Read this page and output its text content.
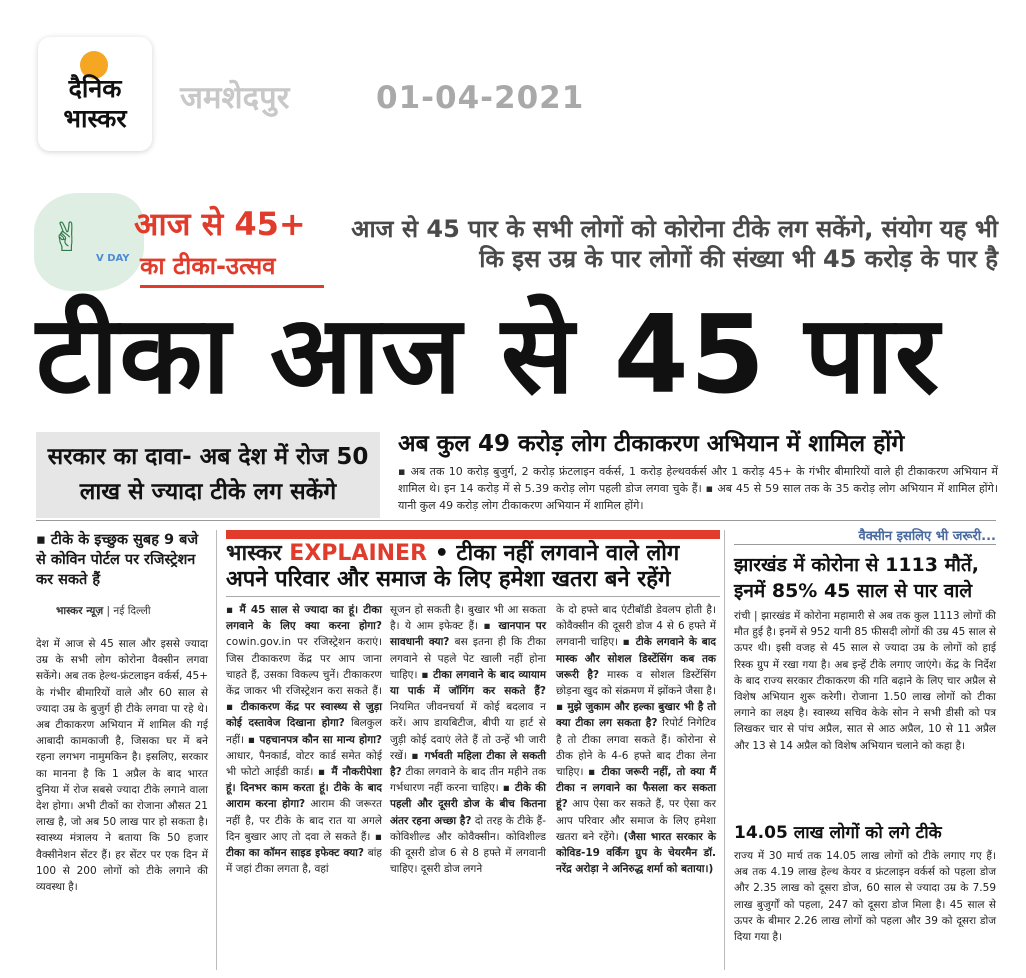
दैनिक
भास्कर
जमशेदपुर	01-04-2021
✌ V DAY
आज से 45+
का टीका-उत्सव
आज से 45 पार के सभी लोगों को कोरोना टीके लग सकेंगे, संयोग यह भी कि इस उम्र के पार लोगों की संख्या भी 45 करोड़ के पार है
टीका आज से 45 पार
सरकार का दावा- अब देश में रोज 50 लाख से ज्यादा टीके लग सकेंगे
अब कुल 49 करोड़ लोग टीकाकरण अभियान में शामिल होंगे
▪ अब तक 10 करोड़ बुजुर्ग, 2 करोड़ फ्रंटलाइन वर्कर्स, 1 करोड़ हेल्थवर्कर्स और 1 करोड़ 45+ के गंभीर बीमारियों वाले ही टीकाकरण अभियान में शामिल थे। इन 14 करोड़ में से 5.39 करोड़ लोग पहली डोज लगवा चुके हैं। ▪ अब 45 से 59 साल तक के 35 करोड़ लोग अभियान में शामिल होंगे। यानी कुल 49 करोड़ लोग टीकाकरण अभियान में शामिल होंगे।
▪ टीके के इच्छुक सुबह 9 बजे से कोविन पोर्टल पर रजिस्ट्रेशन कर सकते हैं
भास्कर न्यूज़ | नई दिल्ली
देश में आज से 45 साल और इससे ज्यादा उम्र के सभी लोग कोरोना वैक्सीन लगवा सकेंगे। अब तक हेल्थ-फ्रंटलाइन वर्कर्स, 45+ के गंभीर बीमारियों वाले और 60 साल से ज्यादा उम्र के बुजुर्ग ही टीके लगवा पा रहे थे। अब टीकाकरण अभियान में शामिल की गई आबादी कामकाजी है, जिसका घर में बने रहना लगभग नामुमकिन है। इसलिए, सरकार का मानना है कि 1 अप्रैल के बाद भारत दुनिया में रोज सबसे ज्यादा टीके लगाने वाला देश होगा। अभी टीकों का रोजाना औसत 21 लाख है, जो अब 50 लाख पार हो सकता है। स्वास्थ्य मंत्रालय ने बताया कि 50 हजार वैक्सीनेशन सेंटर हैं। हर सेंटर पर एक दिन में 100 से 200 लोगों को टीके लगाने की व्यवस्था है।
भास्कर EXPLAINER • टीका नहीं लगवाने वाले लोग
अपने परिवार और समाज के लिए हमेशा खतरा बने रहेंगे
▪ मैं 45 साल से ज्यादा का हूं। टीका लगवाने के लिए क्या करना होगा? cowin.gov.in पर रजिस्ट्रेशन कराएं। जिस टीकाकरण केंद्र पर आप जाना चाहते हैं, उसका विकल्प चुनें। टीकाकरण केंद्र जाकर भी रजिस्ट्रेशन करा सकते हैं। ▪ टीकाकरण केंद्र पर स्वास्थ्य से जुड़ा कोई दस्तावेज दिखाना होगा? बिलकुल नहीं। ▪ पहचानपत्र कौन सा मान्य होगा? आधार, पैनकार्ड, वोटर कार्ड समेत कोई भी फोटो आईडी कार्ड। ▪ मैं नौकरीपेशा हूं। दिनभर काम करता हूं। टीके के बाद आराम करना होगा? आराम की जरूरत नहीं है, पर टीके के बाद रात या अगले दिन बुखार आए तो दवा ले सकते हैं। ▪ टीका का कॉमन साइड इफेक्ट क्या? बांह में जहां टीका लगता है, वहां
सूजन हो सकती है। बुखार भी आ सकता है। ये आम इफेक्ट हैं। ▪ खानपान पर सावधानी क्या? बस इतना ही कि टीका लगवाने से पहले पेट खाली नहीं होना चाहिए। ▪ टीका लगवाने के बाद व्यायाम या पार्क में जॉगिंग कर सकते हैं? नियमित जीवनचर्या में कोई बदलाव न करें। आप डायबिटीज, बीपी या हार्ट से जुड़ी कोई दवाएं लेते हैं तो उन्हें भी जारी रखें। ▪ गर्भवती महिला टीका ले सकती है? टीका लगवाने के बाद तीन महीने तक गर्भधारण नहीं करना चाहिए। ▪ टीके की पहली और दूसरी डोज के बीच कितना अंतर रहना अच्छा है? दो तरह के टीके हैं- कोविशील्ड और कोवैक्सीन। कोविशील्ड की दूसरी डोज 6 से 8 हफ्ते में लगवानी चाहिए। दूसरी डोज लगने
के दो हफ्ते बाद एंटीबॉडी डेवलप होती है। कोवैक्सीन की दूसरी डोज 4 से 6 हफ्ते में लगवानी चाहिए। ▪ टीके लगवाने के बाद मास्क और सोशल डिस्टेंसिंग कब तक जरूरी है? मास्क व सोशल डिस्टेंसिंग छोड़ना खुद को संक्रमण में झोंकने जैसा है। ▪ मुझे जुकाम और हल्का बुखार भी है तो क्या टीका लग सकता है? रिपोर्ट निगेटिव है तो टीका लगवा सकते हैं। कोरोना से ठीक होने के 4-6 हफ्ते बाद टीका लेना चाहिए। ▪ टीका जरूरी नहीं, तो क्या मैं टीका न लगवाने का फैसला कर सकता हूं? आप ऐसा कर सकते हैं, पर ऐसा कर आप परिवार और समाज के लिए हमेशा खतरा बने रहेंगे। (जैसा भारत सरकार के कोविड-19 वर्किंग ग्रुप के चेयरमैन डॉ. नरेंद्र अरोड़ा ने अनिरुद्ध शर्मा को बताया।)
वैक्सीन इसलिए भी जरूरी...
झारखंड में कोरोना से 1113 मौतें, इनमें 85% 45 साल से पार वाले
रांची | झारखंड में कोरोना महामारी से अब तक कुल 1113 लोगों की मौत हुई है। इनमें से 952 यानी 85 फीसदी लोगों की उम्र 45 साल से ऊपर थी। इसी वजह से 45 साल से ज्यादा उम्र के लोगों को हाई रिस्क ग्रुप में रखा गया है। अब इन्हें टीके लगाए जाएंगे। केंद्र के निर्देश के बाद राज्य सरकार टीकाकरण की गति बढ़ाने के लिए चार अप्रैल से विशेष अभियान शुरू करेगी। रोजाना 1.50 लाख लोगों को टीका लगाने का लक्ष्य है। स्वास्थ्य सचिव केके सोन ने सभी डीसी को पत्र लिखकर चार से पांच अप्रैल, सात से आठ अप्रैल, 10 से 11 अप्रैल और 13 से 14 अप्रैल को विशेष अभियान चलाने को कहा है।
14.05 लाख लोगों को लगे टीके
राज्य में 30 मार्च तक 14.05 लाख लोगों को टीके लगाए गए हैं। अब तक 4.19 लाख हेल्थ केयर व फ्रंटलाइन वर्कर्स को पहला डोज और 2.35 लाख को दूसरा डोज, 60 साल से ज्यादा उम्र के 7.59 लाख बुजुर्गों को पहला, 247 को दूसरा डोज मिला है। 45 साल से ऊपर के बीमार 2.26 लाख लोगों को पहला और 39 को दूसरा डोज दिया गया है।
